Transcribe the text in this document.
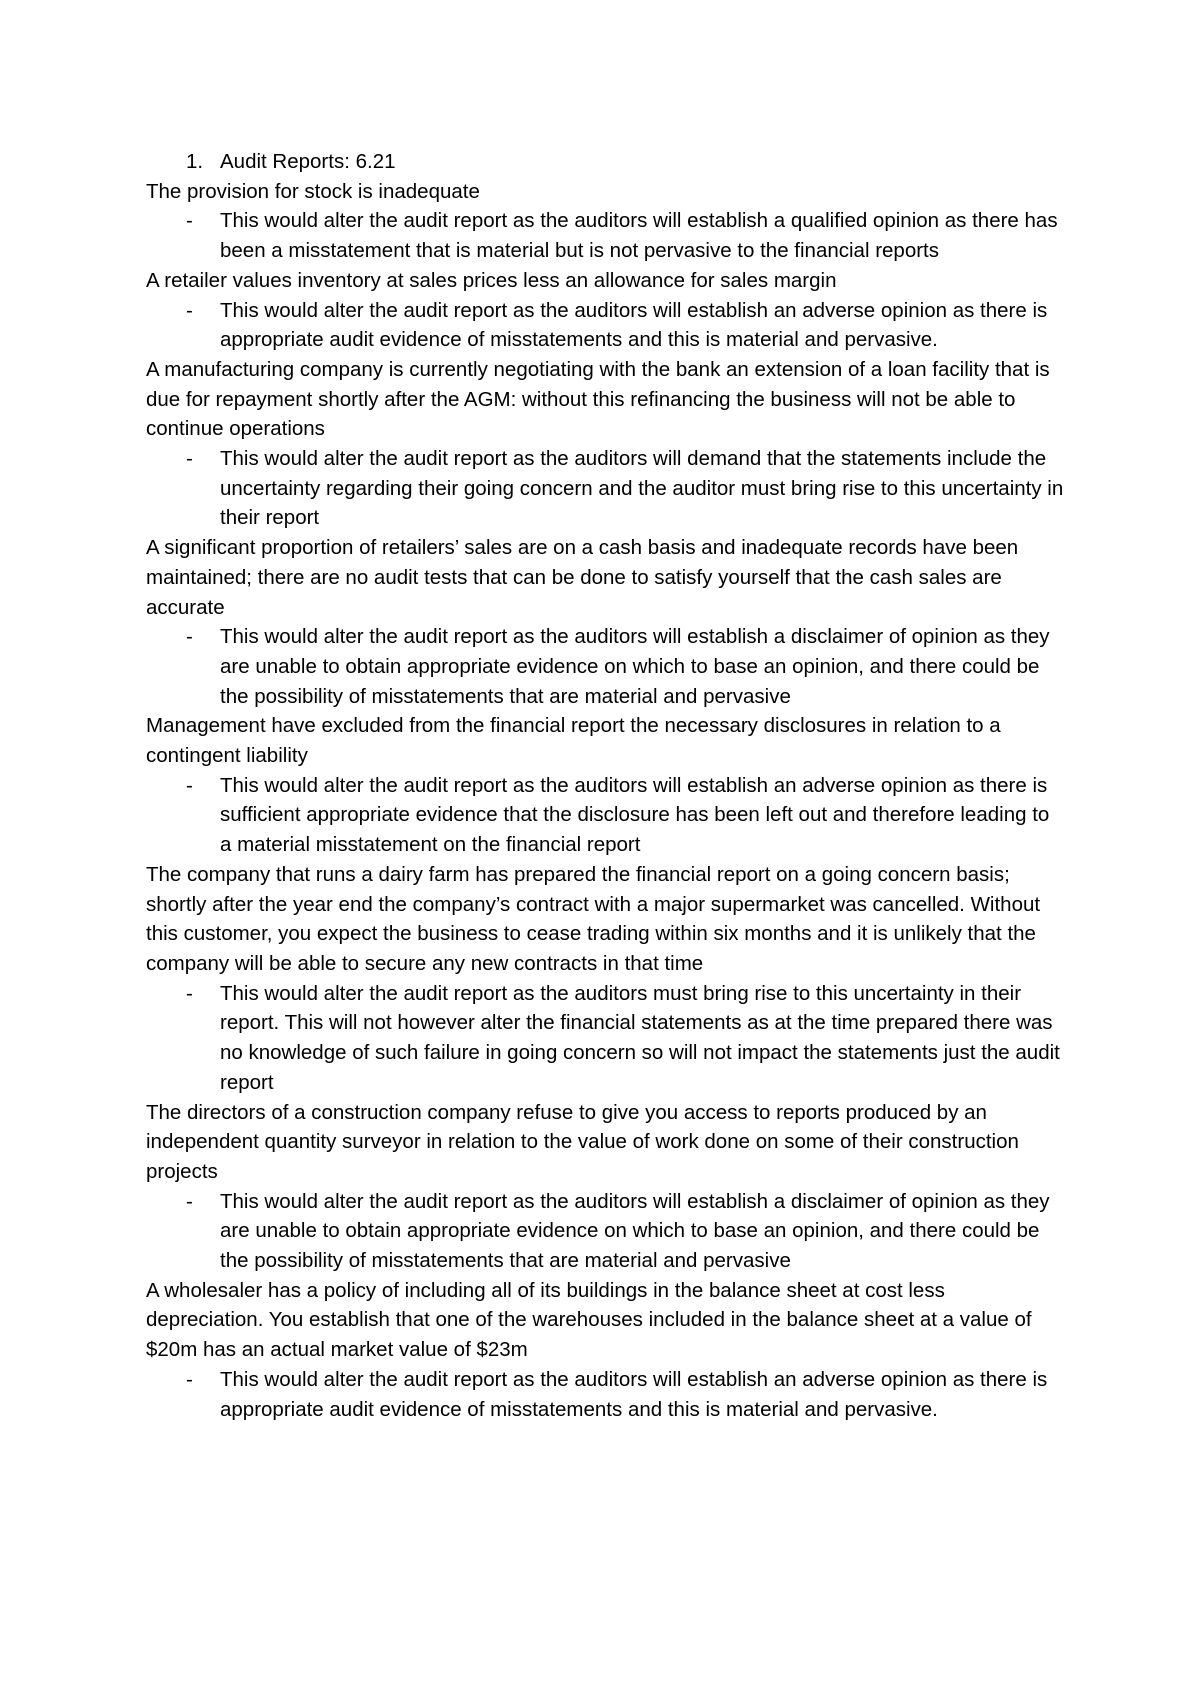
1. Audit Reports: 6.21

The provision for stock is inadequate

-	This would alter the audit report as the auditors will establish a qualified opinion as there has been a misstatement that is material but is not pervasive to the financial reports

A retailer values inventory at sales prices less an allowance for sales margin

-	This would alter the audit report as the auditors will establish an adverse opinion as there is appropriate audit evidence of misstatements and this is material and pervasive.

A manufacturing company is currently negotiating with the bank an extension of a loan facility that is due for repayment shortly after the AGM: without this refinancing the business will not be able to continue operations

-	This would alter the audit report as the auditors will demand that the statements include the uncertainty regarding their going concern and the auditor must bring rise to this uncertainty in their report

A significant proportion of retailers’ sales are on a cash basis and inadequate records have been maintained; there are no audit tests that can be done to satisfy yourself that the cash sales are accurate

-	This would alter the audit report as the auditors will establish a disclaimer of opinion as they are unable to obtain appropriate evidence on which to base an opinion, and there could be the possibility of misstatements that are material and pervasive

Management have excluded from the financial report the necessary disclosures in relation to a contingent liability

-	This would alter the audit report as the auditors will establish an adverse opinion as there is sufficient appropriate evidence that the disclosure has been left out and therefore leading to a material misstatement on the financial report

The company that runs a dairy farm has prepared the financial report on a going concern basis; shortly after the year end the company’s contract with a major supermarket was cancelled. Without this customer, you expect the business to cease trading within six months and it is unlikely that the company will be able to secure any new contracts in that time

-	This would alter the audit report as the auditors must bring rise to this uncertainty in their report. This will not however alter the financial statements as at the time prepared there was no knowledge of such failure in going concern so will not impact the statements just the audit report

The directors of a construction company refuse to give you access to reports produced by an independent quantity surveyor in relation to the value of work done on some of their construction projects

-	This would alter the audit report as the auditors will establish a disclaimer of opinion as they are unable to obtain appropriate evidence on which to base an opinion, and there could be the possibility of misstatements that are material and pervasive

A wholesaler has a policy of including all of its buildings in the balance sheet at cost less depreciation. You establish that one of the warehouses included in the balance sheet at a value of $20m has an actual market value of $23m

-	This would alter the audit report as the auditors will establish an adverse opinion as there is appropriate audit evidence of misstatements and this is material and pervasive.
